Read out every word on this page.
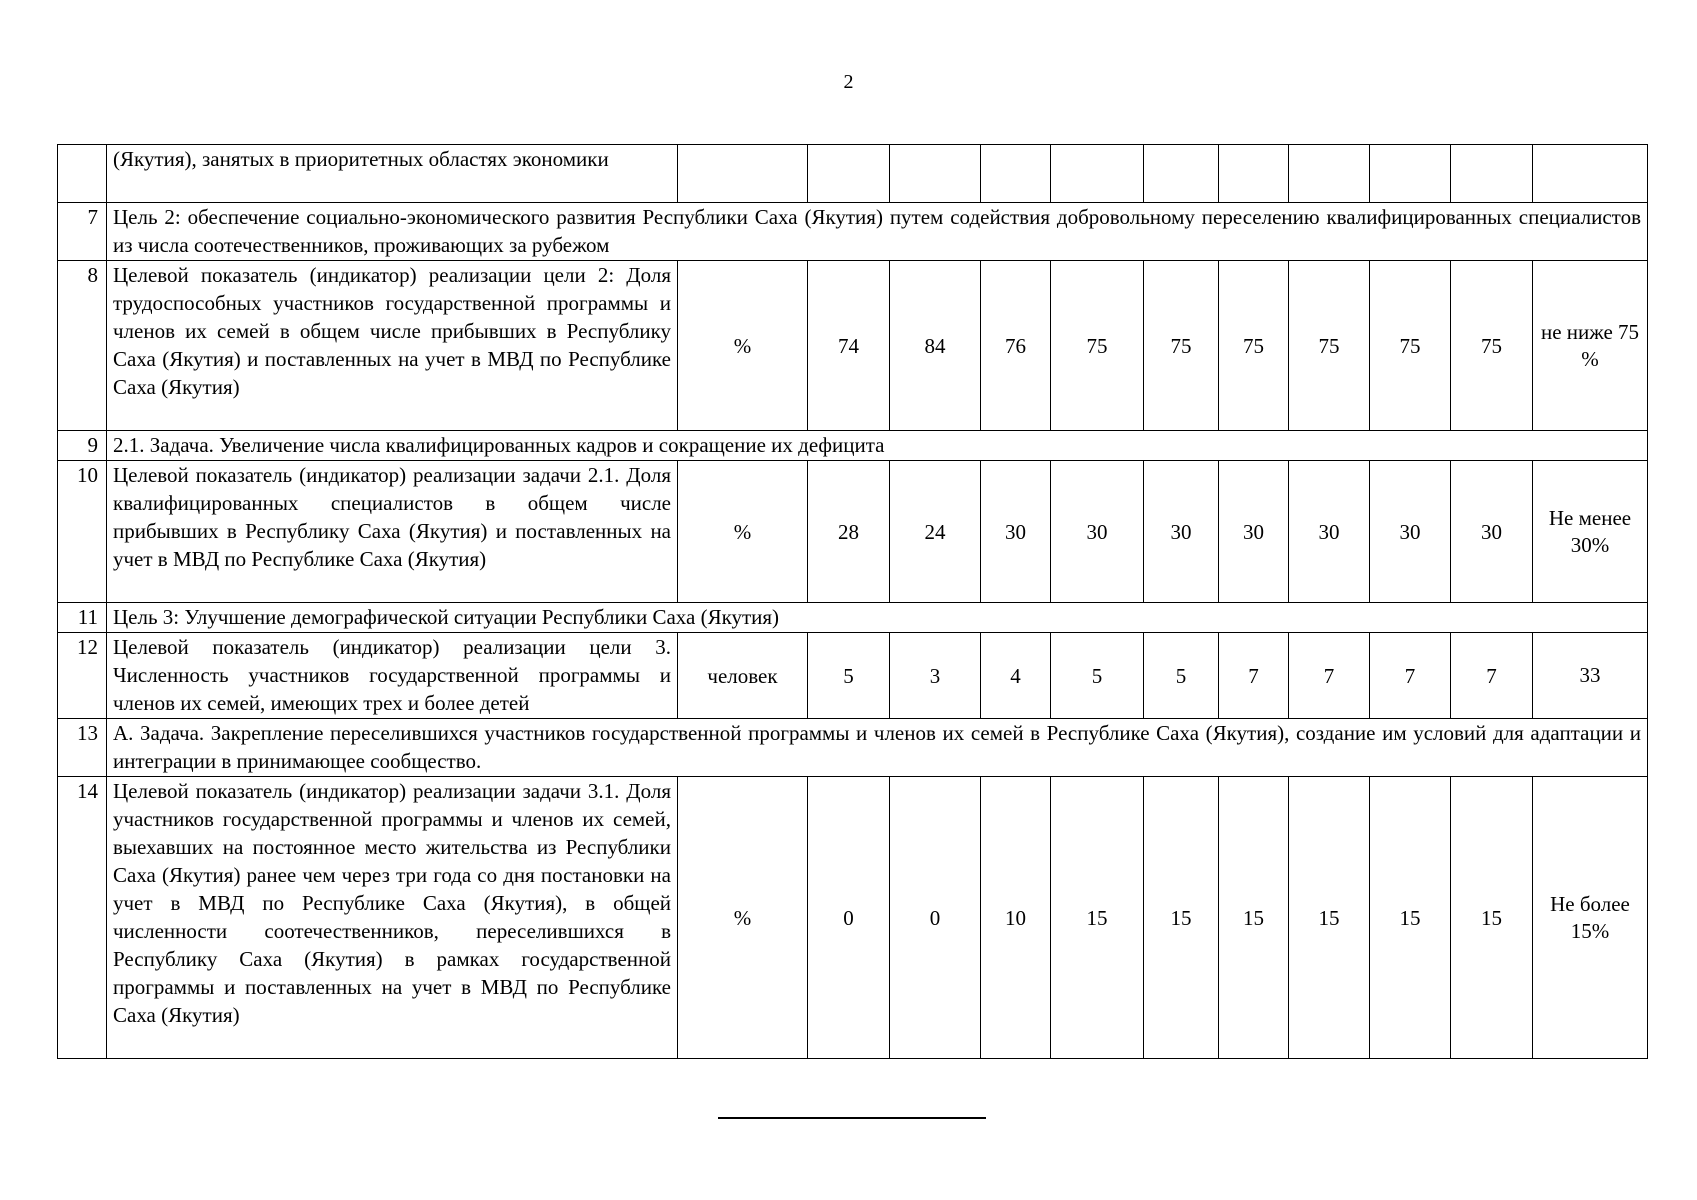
2
	(Якутия), занятых в приоритетных областях экономики											
7	Цель 2: обеспечение социально-экономического развития Республики Саха (Якутия) путем содействия добровольному переселению квалифицированных специалистов из числа соотечественников, проживающих за рубежом											
8	Целевой показатель (индикатор) реализации цели 2: Доля трудоспособных участников государственной программы и членов их семей в общем числе прибывших в Республику Саха (Якутия) и поставленных на учет в МВД по Республике Саха (Якутия)	%	74	84	76	75	75	75	75	75	75	не ниже 75 %
9	2.1. Задача. Увеличение числа квалифицированных кадров и сокращение их дефицита											
10	Целевой показатель (индикатор) реализации задачи 2.1. Доля квалифицированных специалистов в общем числе прибывших в Республику Саха (Якутия) и поставленных на учет в МВД по Республике Саха (Якутия)	%	28	24	30	30	30	30	30	30	30	Не менее 30%
11	Цель 3: Улучшение демографической ситуации Республики Саха (Якутия)											
12	Целевой показатель (индикатор) реализации цели 3. Численность участников государственной программы и членов их семей, имеющих трех и более детей	человек	5	3	4	5	5	7	7	7	7	33
13	А. Задача. Закрепление переселившихся участников государственной программы и членов их семей в Республике Саха (Якутия), создание им условий для адаптации и интеграции в принимающее сообщество.											
14	Целевой показатель (индикатор) реализации задачи 3.1. Доля участников государственной программы и членов их семей, выехавших на постоянное место жительства из Республики Саха (Якутия) ранее чем через три года со дня постановки на учет в МВД по Республике Саха (Якутия), в общей численности соотечественников, переселившихся в Республику Саха (Якутия) в рамках государственной программы и поставленных на учет в МВД по Республике Саха (Якутия)	%	0	0	10	15	15	15	15	15	15	Не более 15%
